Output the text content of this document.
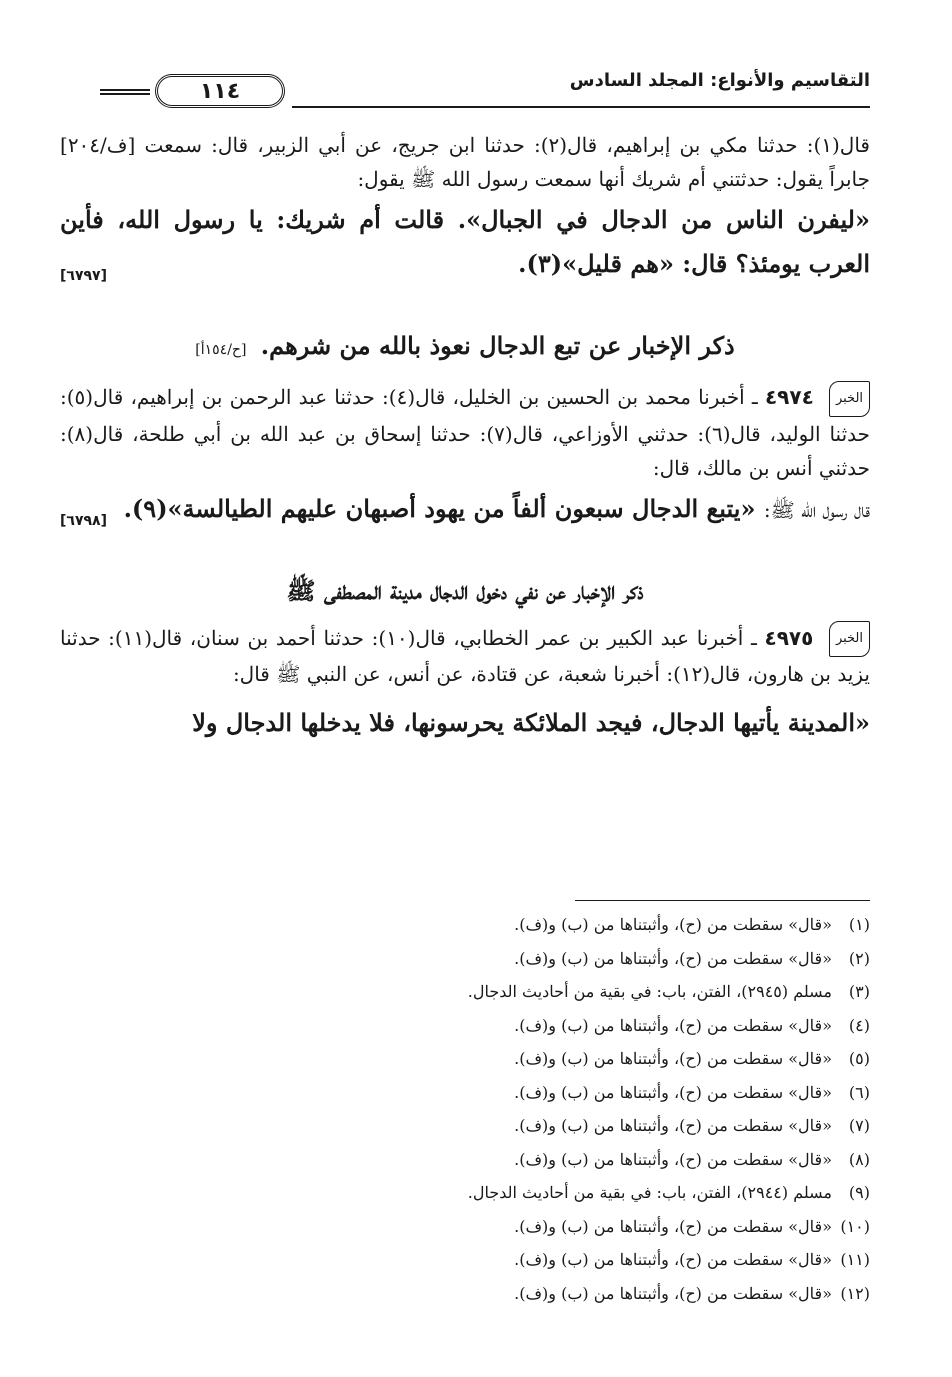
التقاسيم والأنواع: المجلد السادس
١١٤

قال(١): حدثنا مكي بن إبراهيم، قال(٢): حدثنا ابن جريج، عن أبي الزبير، قال: سمعت [ف/٢٠٤] جابراً يقول: حدثتني أم شريك أنها سمعت رسول الله ﷺ يقول:

«ليفرن الناس من الدجال في الجبال». قالت أم شريك: يا رسول الله، فأين العرب يومئذ؟ قال: «هم قليل»(٣).
[٦٧٩٧]

ذكر الإخبار عن تبع الدجال نعوذ بالله من شرهم. [ح/١٥٤أ]

الخبر ٤٩٧٤ ـ أخبرنا محمد بن الحسين بن الخليل، قال(٤): حدثنا عبد الرحمن بن إبراهيم، قال(٥): حدثنا الوليد، قال(٦): حدثني الأوزاعي، قال(٧): حدثنا إسحاق بن عبد الله بن أبي طلحة، قال(٨): حدثني أنس بن مالك، قال:

قال رسول الله ﷺ: «يتبع الدجال سبعون ألفاً من يهود أصبهان عليهم الطيالسة»(٩).
[٦٧٩٨]

ذكر الإخبار عن نفي دخول الدجال مدينة المصطفى ﷺ

الخبر ٤٩٧٥ ـ أخبرنا عبد الكبير بن عمر الخطابي، قال(١٠): حدثنا أحمد بن سنان، قال(١١): حدثنا يزيد بن هارون، قال(١٢): أخبرنا شعبة، عن قتادة، عن أنس، عن النبي ﷺ قال:

«المدينة يأتيها الدجال، فيجد الملائكة يحرسونها، فلا يدخلها الدجال ولا

(١)«قال» سقطت من (ح)، وأثبتناها من (ب) و(ف).

(٢)«قال» سقطت من (ح)، وأثبتناها من (ب) و(ف).

(٣)مسلم (٢٩٤٥)، الفتن، باب: في بقية من أحاديث الدجال.

(٤)«قال» سقطت من (ح)، وأثبتناها من (ب) و(ف).

(٥)«قال» سقطت من (ح)، وأثبتناها من (ب) و(ف).

(٦)«قال» سقطت من (ح)، وأثبتناها من (ب) و(ف).

(٧)«قال» سقطت من (ح)، وأثبتناها من (ب) و(ف).

(٨)«قال» سقطت من (ح)، وأثبتناها من (ب) و(ف).

(٩)مسلم (٢٩٤٤)، الفتن، باب: في بقية من أحاديث الدجال.

(١٠)«قال» سقطت من (ح)، وأثبتناها من (ب) و(ف).

(١١)«قال» سقطت من (ح)، وأثبتناها من (ب) و(ف).

(١٢)«قال» سقطت من (ح)، وأثبتناها من (ب) و(ف).
